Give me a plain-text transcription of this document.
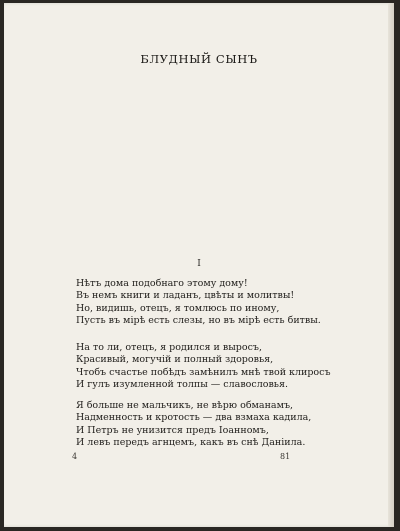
БЛУДНЫЙ СЫНЪ
I
Нѣтъ дома подобнаго этому дому!
Въ немъ книги и ладанъ, цвѣты и молитвы!
Но, видишь, отецъ, я томлюсь по иному,
Пусть въ мірѣ есть слезы, но въ мірѣ есть битвы.
На то ли, отецъ, я родился и выросъ,
Красивый, могучій и полный здоровья,
Чтобъ счастье побѣдъ замѣнилъ мнѣ твой клиросъ
И гулъ изумленной толпы — славословья.
Я больше не мальчикъ, не вѣрю обманамъ,
Надменность и кротость — два взмаха кадила,
И Петръ не унизится предъ Іоанномъ,
И левъ передъ агнцемъ, какъ въ снѣ Даніила.
4	81
